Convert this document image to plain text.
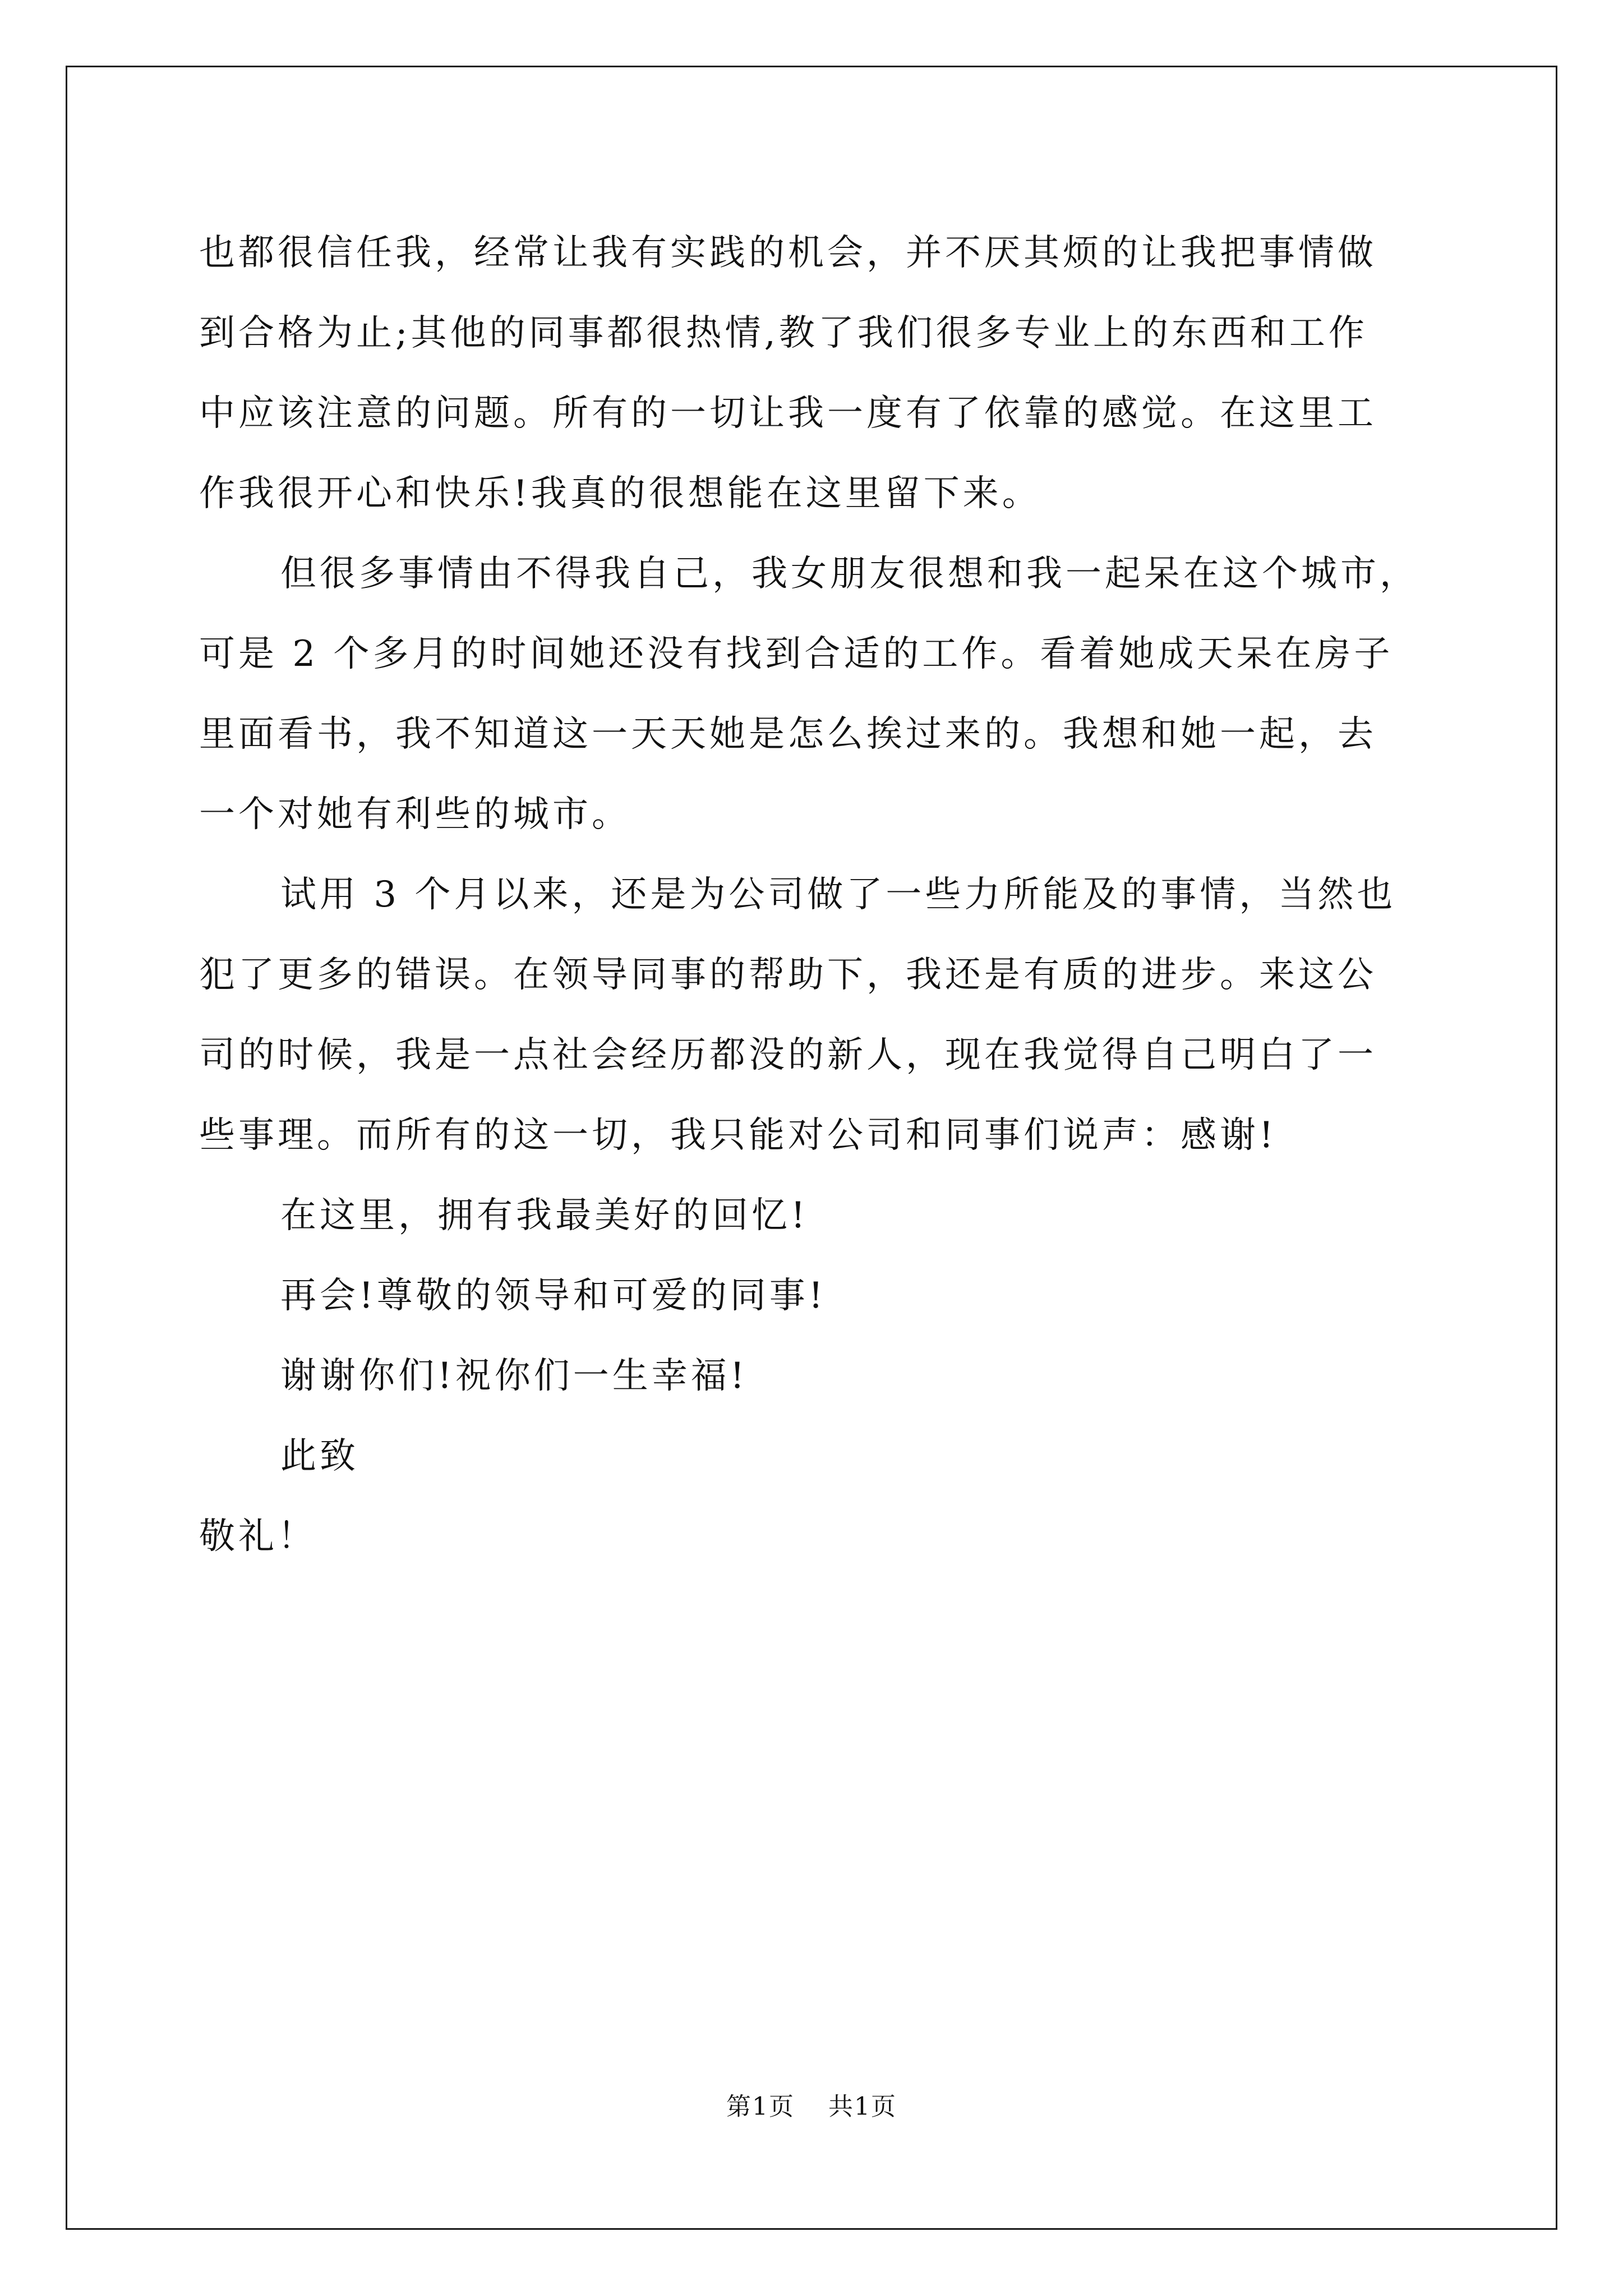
也都很信任我，经常让我有实践的机会，并不厌其烦的让我把事情做
到合格为止;其他的同事都很热情,教了我们很多专业上的东西和工作
中应该注意的问题。所有的一切让我一度有了依靠的感觉。在这里工
作我很开心和快乐!我真的很想能在这里留下来。
但很多事情由不得我自己，我女朋友很想和我一起呆在这个城市，
可是 2 个多月的时间她还没有找到合适的工作。看着她成天呆在房子
里面看书，我不知道这一天天她是怎么挨过来的。我想和她一起，去
一个对她有利些的城市。
试用 3 个月以来，还是为公司做了一些力所能及的事情，当然也
犯了更多的错误。在领导同事的帮助下，我还是有质的进步。来这公
司的时候，我是一点社会经历都没的新人，现在我觉得自己明白了一
些事理。而所有的这一切，我只能对公司和同事们说声：感谢!
在这里，拥有我最美好的回忆!
再会!尊敬的领导和可爱的同事!
谢谢你们!祝你们一生幸福!
此致
敬礼！
第1页 共1页
